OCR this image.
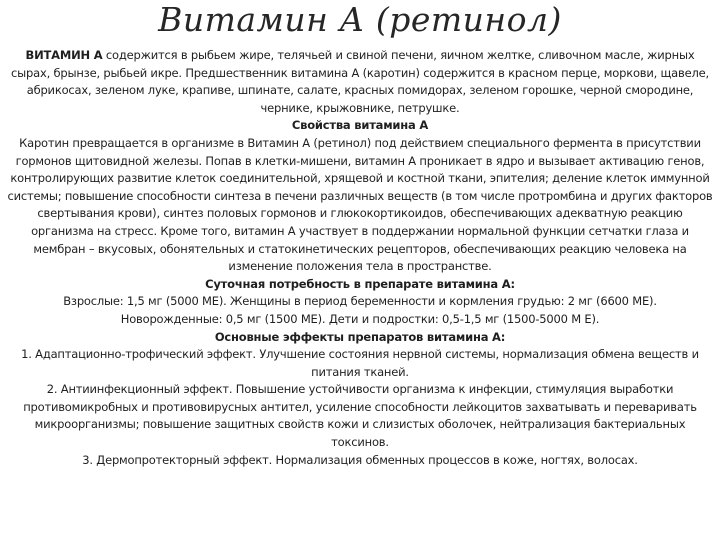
Витамин А (ретинол)

ВИТАМИН А содержится в рыбьем жире, телячьей и свиной печени, яичном желтке, сливочном масле, жирных сырах, брынзе, рыбьей икре. Предшественник витамина А (каротин) содержится в красном перце, моркови, щавеле, абрикосах, зеленом луке, крапиве, шпинате, салате, красных помидорах, зеленом горошке, черной смородине, чернике, крыжовнике, петрушке.

Свойства витамина А

Каротин превращается в организме в Витамин А (ретинол) под действием специального фермента в присутствии гормонов щитовидной железы. Попав в клетки-мишени, витамин А проникает в ядро и вызывает активацию генов, контролирующих развитие клеток соединительной, хрящевой и костной ткани, эпителия; деление клеток иммунной системы; повышение способности синтеза в печени различных веществ (в том числе протромбина и других факторов свертывания крови), синтез половых гормонов и глюкокортикоидов, обеспечивающих адекватную реакцию организма на стресс. Кроме того, витамин А участвует в поддержании нормальной функции сетчатки глаза и мембран – вкусовых, обонятельных и статокинетических рецепторов, обеспечивающих реакцию человека на изменение положения тела в пространстве.

Суточная потребность в препарате витамина А:

Взрослые: 1,5 мг (5000 МЕ). Женщины в период беременности и кормления грудью: 2 мг (6600 МЕ).

Новорожденные: 0,5 мг (1500 МЕ). Дети и подростки: 0,5-1,5 мг (1500-5000 М Е).

Основные эффекты препаратов витамина А:

1. Адаптационно-трофический эффект. Улучшение состояния нервной системы, нормализация обмена веществ и питания тканей.

2. Антиинфекционный эффект. Повышение устойчивости организма к инфекции, стимуляция выработки противомикробных и противовирусных антител, усиление способности лейкоцитов захватывать и переваривать микроорганизмы; повышение защитных свойств кожи и слизистых оболочек, нейтрализация бактериальных токсинов.

3. Дермопротекторный эффект. Нормализация обменных процессов в коже, ногтях, волосах.
